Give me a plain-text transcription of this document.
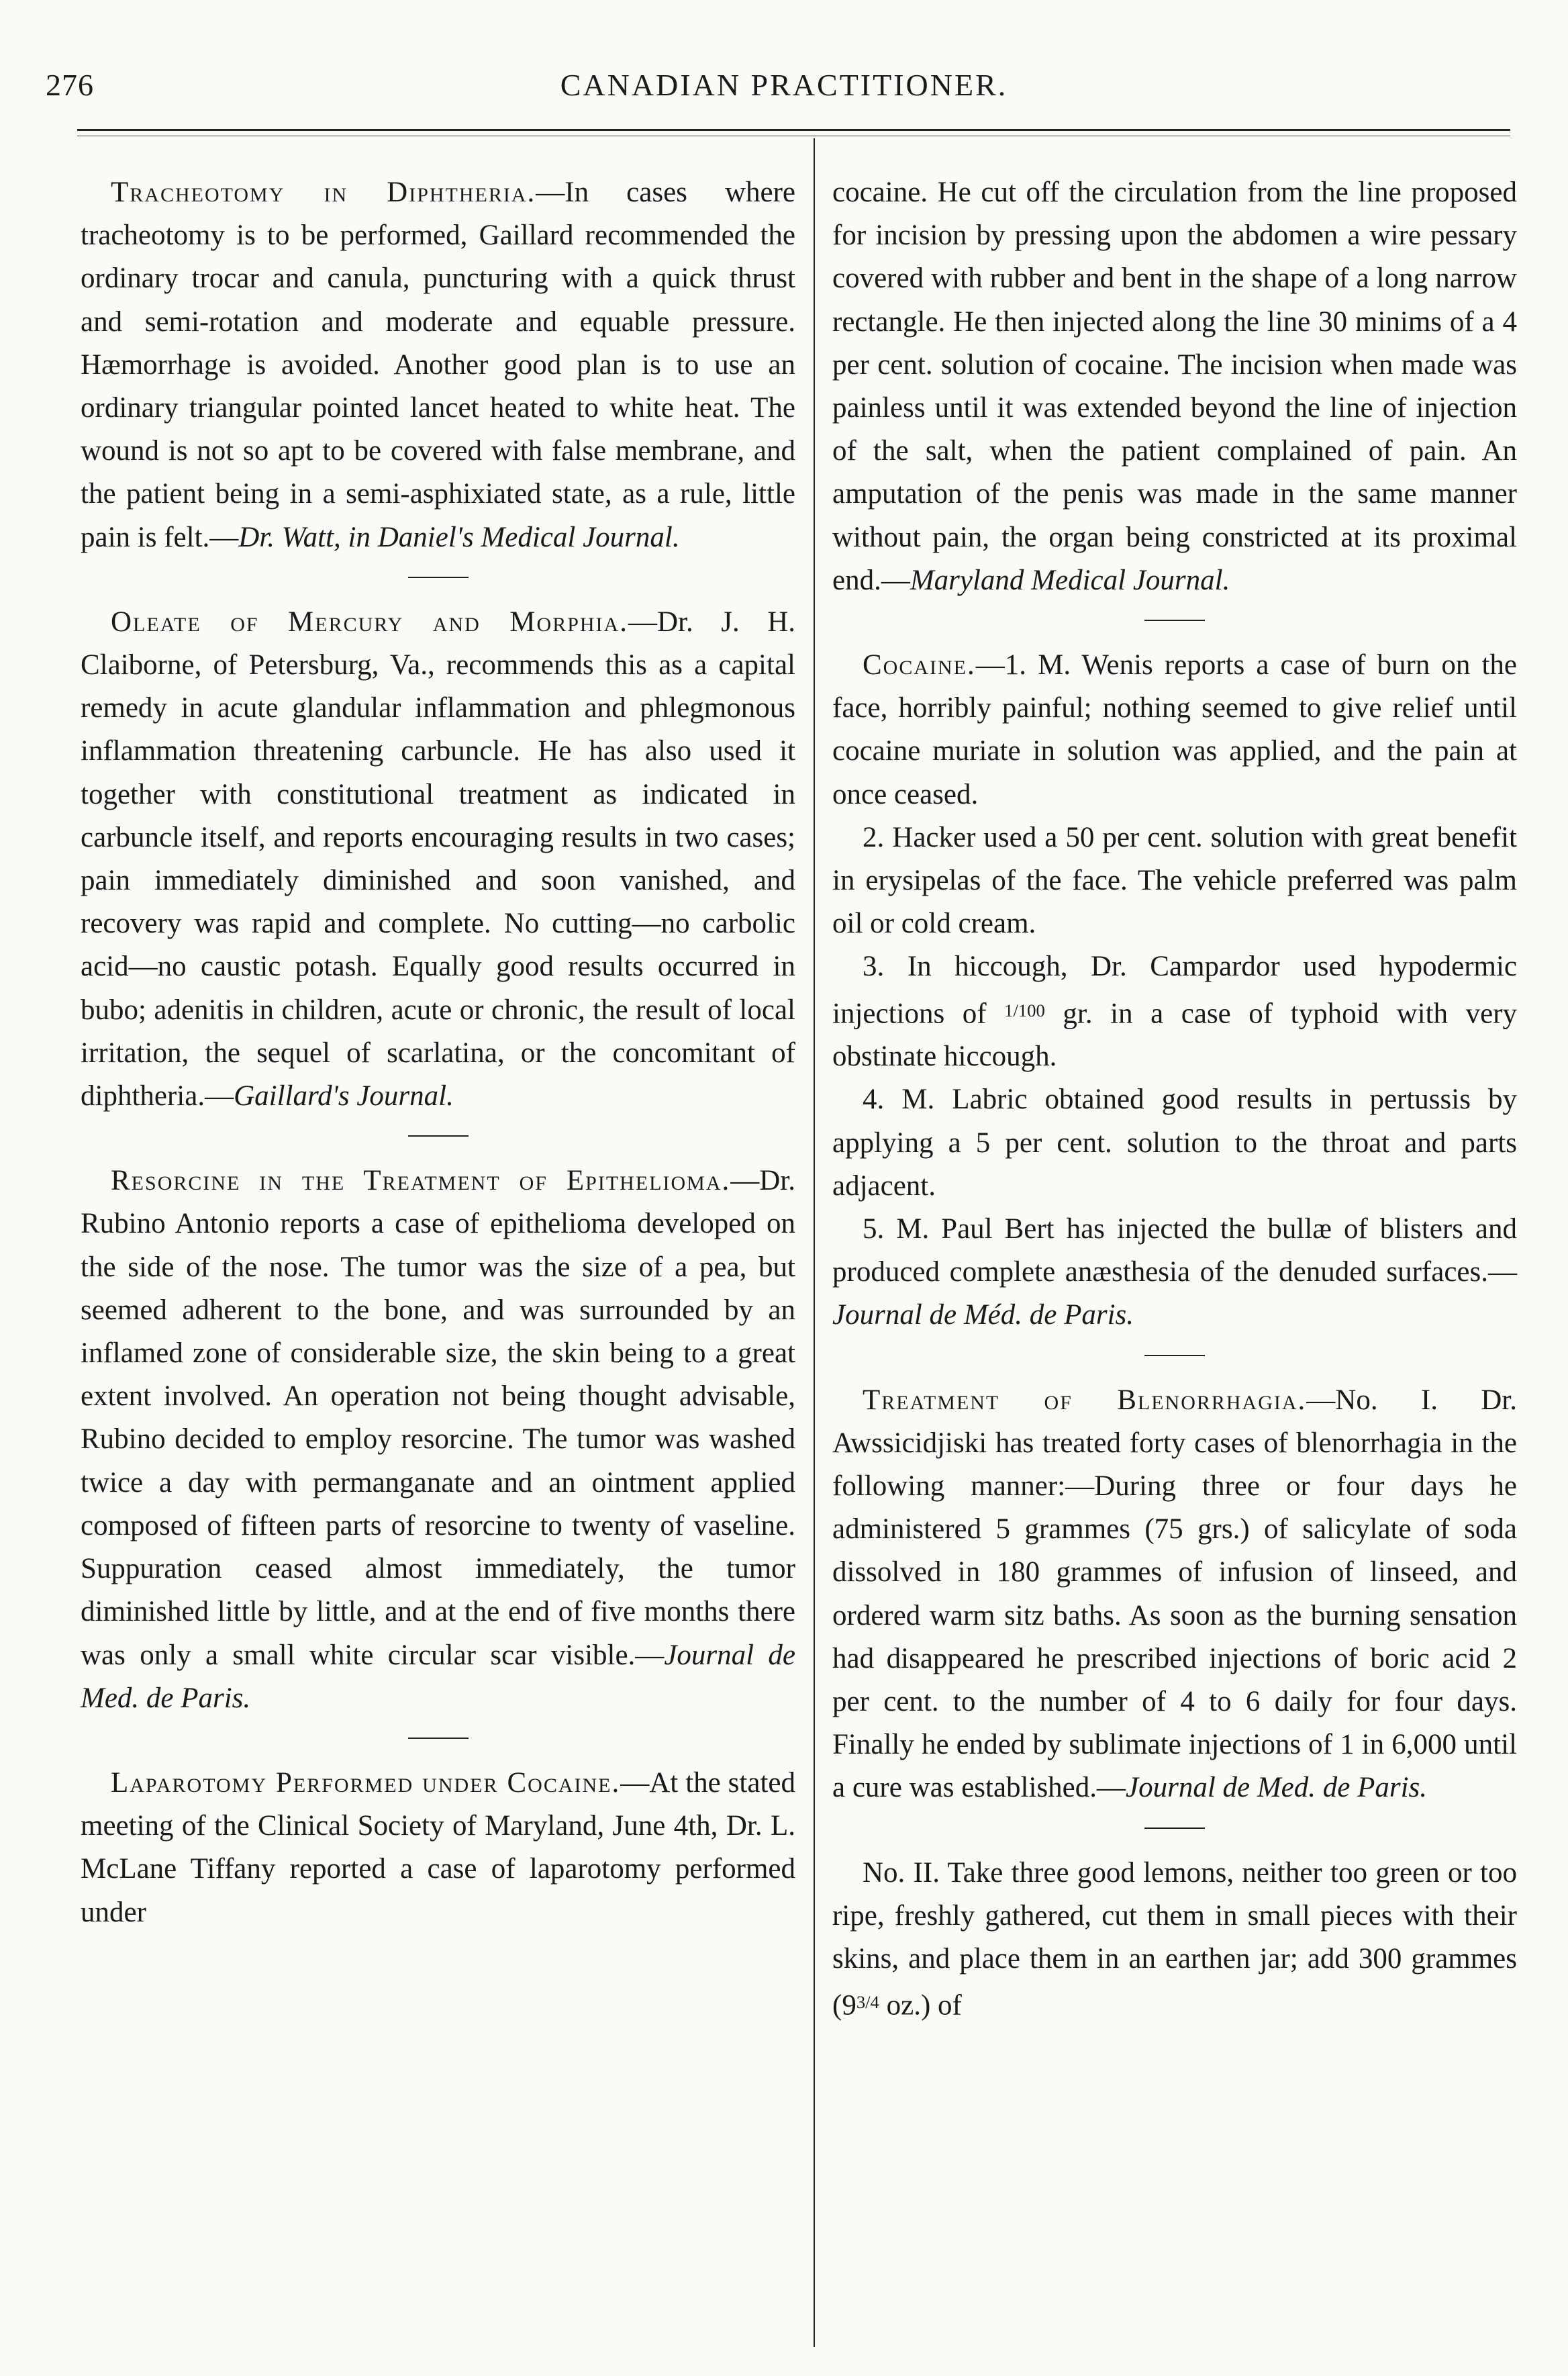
276	CANADIAN PRACTITIONER.

Tracheotomy in Diphtheria.—In cases where tracheotomy is to be performed, Gaillard recommended the ordinary trocar and canula, puncturing with a quick thrust and semi-rotation and moderate and equable pressure. Hæmorrhage is avoided. Another good plan is to use an ordinary triangular pointed lancet heated to white heat. The wound is not so apt to be covered with false membrane, and the patient being in a semi-asphixiated state, as a rule, little pain is felt.—Dr. Watt, in Daniel's Medical Journal.

Oleate of Mercury and Morphia.—Dr. J. H. Claiborne, of Petersburg, Va., recommends this as a capital remedy in acute glandular inflammation and phlegmonous inflammation threatening carbuncle. He has also used it together with constitutional treatment as indicated in carbuncle itself, and reports encouraging results in two cases; pain immediately diminished and soon vanished, and recovery was rapid and complete. No cutting—no carbolic acid—no caustic potash. Equally good results occurred in bubo; adenitis in children, acute or chronic, the result of local irritation, the sequel of scarlatina, or the concomitant of diphtheria.—Gaillard's Journal.

Resorcine in the Treatment of Epithelioma.—Dr. Rubino Antonio reports a case of epithelioma developed on the side of the nose. The tumor was the size of a pea, but seemed adherent to the bone, and was surrounded by an inflamed zone of considerable size, the skin being to a great extent involved. An operation not being thought advisable, Rubino decided to employ resorcine. The tumor was washed twice a day with permanganate and an ointment applied composed of fifteen parts of resorcine to twenty of vaseline. Suppuration ceased almost immediately, the tumor diminished little by little, and at the end of five months there was only a small white circular scar visible.—Journal de Med. de Paris.

Laparotomy Performed under Cocaine.—At the stated meeting of the Clinical Society of Maryland, June 4th, Dr. L. McLane Tiffany reported a case of laparotomy performed under

cocaine. He cut off the circulation from the line proposed for incision by pressing upon the abdomen a wire pessary covered with rubber and bent in the shape of a long narrow rectangle. He then injected along the line 30 minims of a 4 per cent. solution of cocaine. The incision when made was painless until it was extended beyond the line of injection of the salt, when the patient complained of pain. An amputation of the penis was made in the same manner without pain, the organ being constricted at its proximal end.—Maryland Medical Journal.

Cocaine.—1. M. Wenis reports a case of burn on the face, horribly painful; nothing seemed to give relief until cocaine muriate in solution was applied, and the pain at once ceased.

2. Hacker used a 50 per cent. solution with great benefit in erysipelas of the face. The vehicle preferred was palm oil or cold cream.

3. In hiccough, Dr. Campardor used hypodermic injections of $^{1/100}$ gr. in a case of typhoid with very obstinate hiccough.

4. M. Labric obtained good results in pertussis by applying a 5 per cent. solution to the throat and parts adjacent.

5. M. Paul Bert has injected the bullæ of blisters and produced complete anæsthesia of the denuded surfaces.—Journal de Méd. de Paris.

Treatment of Blenorrhagia.—No. I. Dr. Awssicidjiski has treated forty cases of blenorrhagia in the following manner:—During three or four days he administered 5 grammes (75 grs.) of salicylate of soda dissolved in 180 grammes of infusion of linseed, and ordered warm sitz baths. As soon as the burning sensation had disappeared he prescribed injections of boric acid 2 per cent. to the number of 4 to 6 daily for four days. Finally he ended by sublimate injections of 1 in 6,000 until a cure was established.—Journal de Med. de Paris.

No. II. Take three good lemons, neither too green or too ripe, freshly gathered, cut them in small pieces with their skins, and place them in an earthen jar; add 300 grammes ($9^{3/4}$ oz.) of
